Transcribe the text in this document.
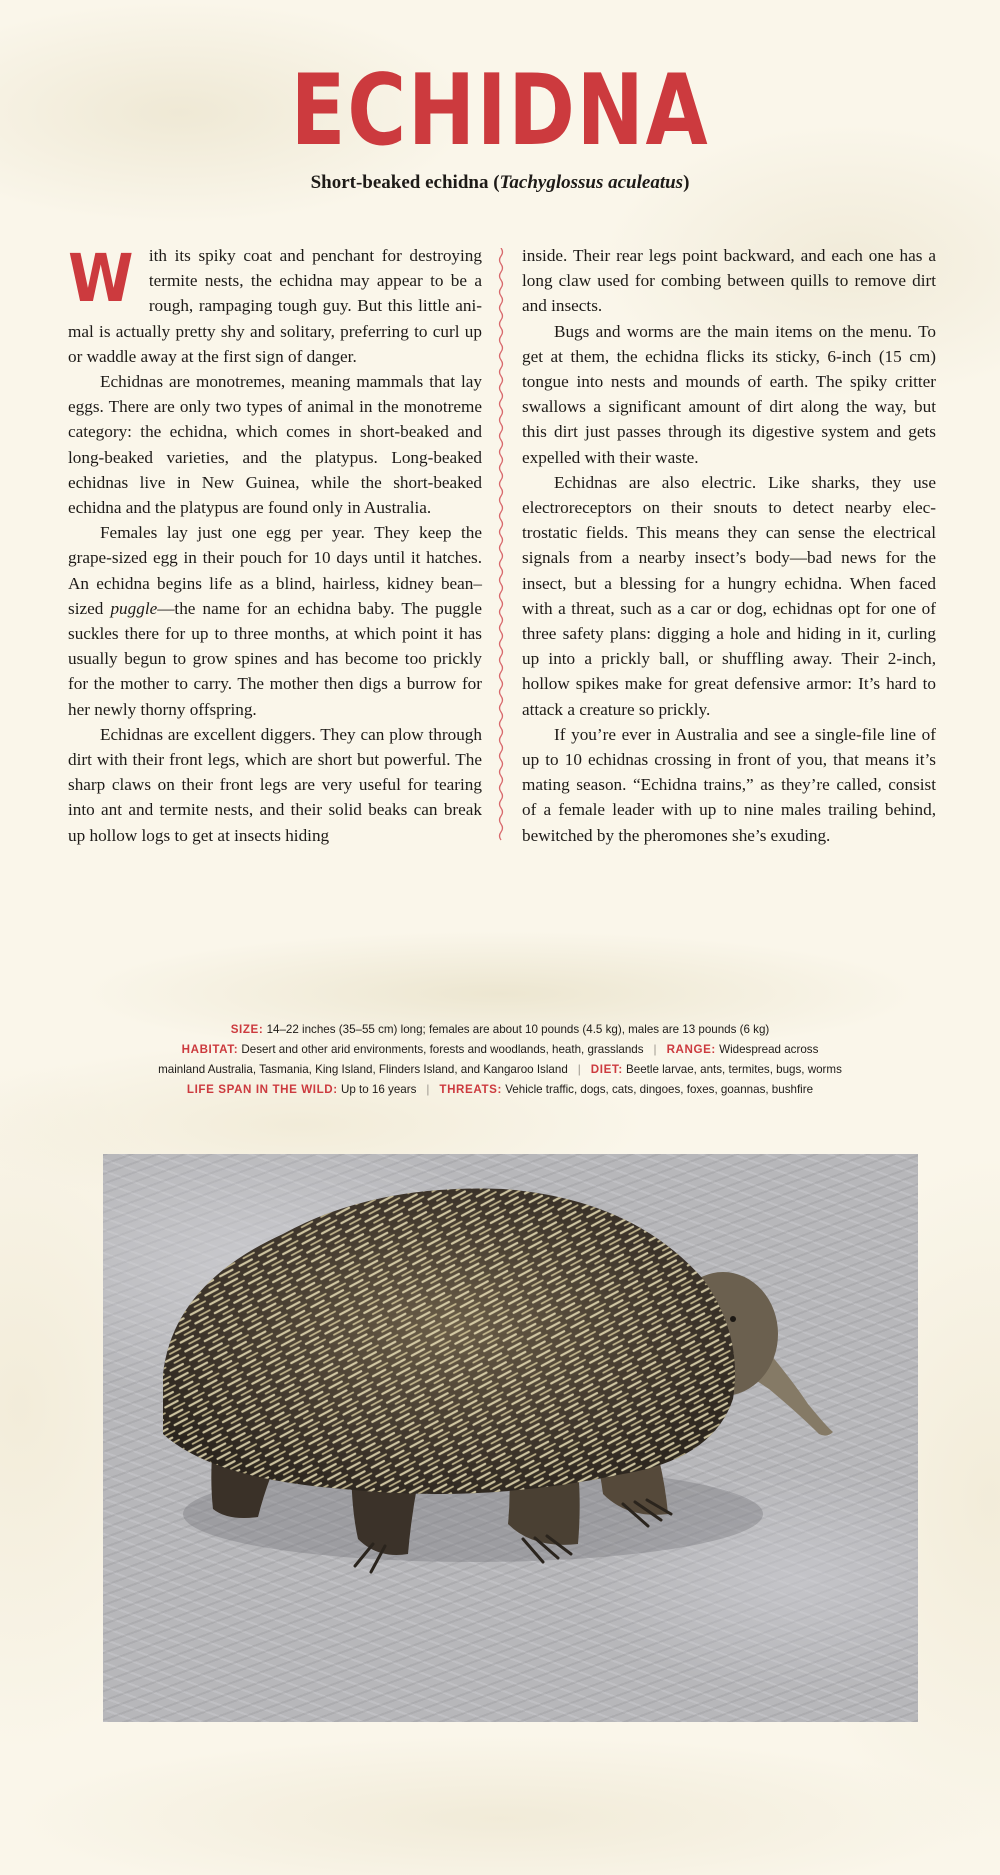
ECHIDNA
Short-beaked echidna (Tachyglossus aculeatus)

With its spiky coat and penchant for destroying termite nests, the echidna may appear to be a rough, rampaging tough guy. But this little animal is actually pretty shy and solitary, preferring to curl up or waddle away at the first sign of danger.

Echidnas are monotremes, meaning mammals that lay eggs. There are only two types of animal in the monotreme category: the echidna, which comes in short-beaked and long-beaked varieties, and the platypus. Long-beaked echidnas live in New Guinea, while the short-beaked echidna and the platypus are found only in Australia.

Females lay just one egg per year. They keep the grape-sized egg in their pouch for 10 days until it hatches. An echidna begins life as a blind, hairless, kidney bean–sized puggle—the name for an echidna baby. The puggle suckles there for up to three months, at which point it has usually begun to grow spines and has become too prickly for the mother to carry. The mother then digs a burrow for her newly thorny offspring.

Echidnas are excellent diggers. They can plow through dirt with their front legs, which are short but powerful. The sharp claws on their front legs are very useful for tearing into ant and termite nests, and their solid beaks can break up hollow logs to get at insects hiding

inside. Their rear legs point backward, and each one has a long claw used for combing between quills to remove dirt and insects.

Bugs and worms are the main items on the menu. To get at them, the echidna flicks its sticky, 6-inch (15 cm) tongue into nests and mounds of earth. The spiky critter swallows a significant amount of dirt along the way, but this dirt just passes through its digestive system and gets expelled with their waste.

Echidnas are also electric. Like sharks, they use electroreceptors on their snouts to detect nearby electrostatic fields. This means they can sense the electrical signals from a nearby insect’s body—bad news for the insect, but a blessing for a hungry echidna. When faced with a threat, such as a car or dog, echidnas opt for one of three safety plans: digging a hole and hiding in it, curling up into a prickly ball, or shuffling away. Their 2-inch, hollow spikes make for great defensive armor: It’s hard to attack a creature so prickly.

If you’re ever in Australia and see a single-file line of up to 10 echidnas crossing in front of you, that means it’s mating season. “Echidna trains,” as they’re called, consist of a female leader with up to nine males trailing behind, bewitched by the pheromones she’s exuding.

SIZE: 14–22 inches (35–55 cm) long; females are about 10 pounds (4.5 kg), males are 13 pounds (6 kg)
HABITAT: Desert and other arid environments, forests and woodlands, heath, grasslands | RANGE: Widespread across
mainland Australia, Tasmania, King Island, Flinders Island, and Kangaroo Island | DIET: Beetle larvae, ants, termites, bugs, worms
LIFE SPAN IN THE WILD: Up to 16 years | THREATS: Vehicle traffic, dogs, cats, dingoes, foxes, goannas, bushfire
